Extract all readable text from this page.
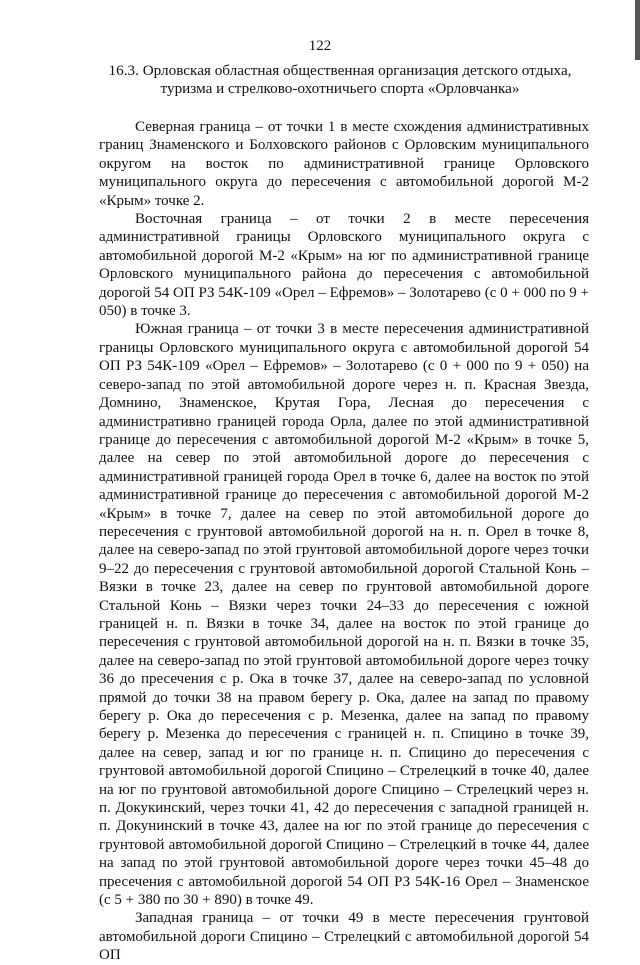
122
16.3. Орловская областная общественная организация детского отдыха,
туризма и стрелково-охотничьего спорта «Орловчанка»

Северная граница – от точки 1 в месте схождения административных границ Знаменского и Болховского районов с Орловским муниципального округом на восток по административной границе Орловского муниципального округа до пересечения с автомобильной дорогой М-2 «Крым» точке 2.

Восточная граница – от точки 2 в месте пересечения административной границы Орловского муниципального округа с автомобильной дорогой М-2 «Крым» на юг по административной границе Орловского муниципального района до пересечения с автомобильной дорогой 54 ОП РЗ 54К-109 «Орел – Ефремов» – Золотарево (с 0 + 000 по 9 + 050) в точке 3.

Южная граница – от точки 3 в месте пересечения административной границы Орловского муниципального округа с автомобильной дорогой 54 ОП РЗ 54К-109 «Орел – Ефремов» – Золотарево (с 0 + 000 по 9 + 050) на северо-запад по этой автомобильной дороге через н. п. Красная Звезда, Домнино, Знаменское, Крутая Гора, Лесная до пересечения с административно границей города Орла, далее по этой административной границе до пересечения с автомобильной дорогой М-2 «Крым» в точке 5, далее на север по этой автомобильной дороге до пересечения с административной границей города Орел в точке 6, далее на восток по этой административной границе до пересечения с автомобильной дорогой М-2 «Крым» в точке 7, далее на север по этой автомобильной дороге до пересечения с грунтовой автомобильной дорогой на н. п. Орел в точке 8, далее на северо-запад по этой грунтовой автомобильной дороге через точки 9–22 до пересечения с грунтовой автомобильной дорогой Стальной Конь – Вязки в точке 23, далее на север по грунтовой автомобильной дороге Стальной Конь – Вязки через точки 24–33 до пересечения с южной границей н. п. Вязки в точке 34, далее на восток по этой границе до пересечения с грунтовой автомобильной дорогой на н. п. Вязки в точке 35, далее на северо-запад по этой грунтовой автомобильной дороге через точку 36 до пресечения с р. Ока в точке 37, далее на северо-запад по условной прямой до точки 38 на правом берегу р. Ока, далее на запад по правому берегу р. Ока до пересечения с р. Мезенка, далее на запад по правому берегу р. Мезенка до пересечения с границей н. п. Спицино в точке 39, далее на север, запад и юг по границе н. п. Спицино до пересечения с грунтовой автомобильной дорогой Спицино – Стрелецкий в точке 40, далее на юг по грунтовой автомобильной дороге Спицино – Стрелецкий через н. п. Докукинский, через точки 41, 42 до пересечения с западной границей н. п. Докунинский в точке 43, далее на юг по этой границе до пересечения с грунтовой автомобильной дорогой Спицино – Стрелецкий в точке 44, далее на запад по этой грунтовой автомобильной дороге через точки 45–48 до пресечения с автомобильной дорогой 54 ОП РЗ 54К-16 Орел – Знаменское (с 5 + 380 по 30 + 890) в точке 49.

Западная граница – от точки 49 в месте пересечения грунтовой автомобильной дороги Спицино – Стрелецкий с автомобильной дорогой 54 ОП
